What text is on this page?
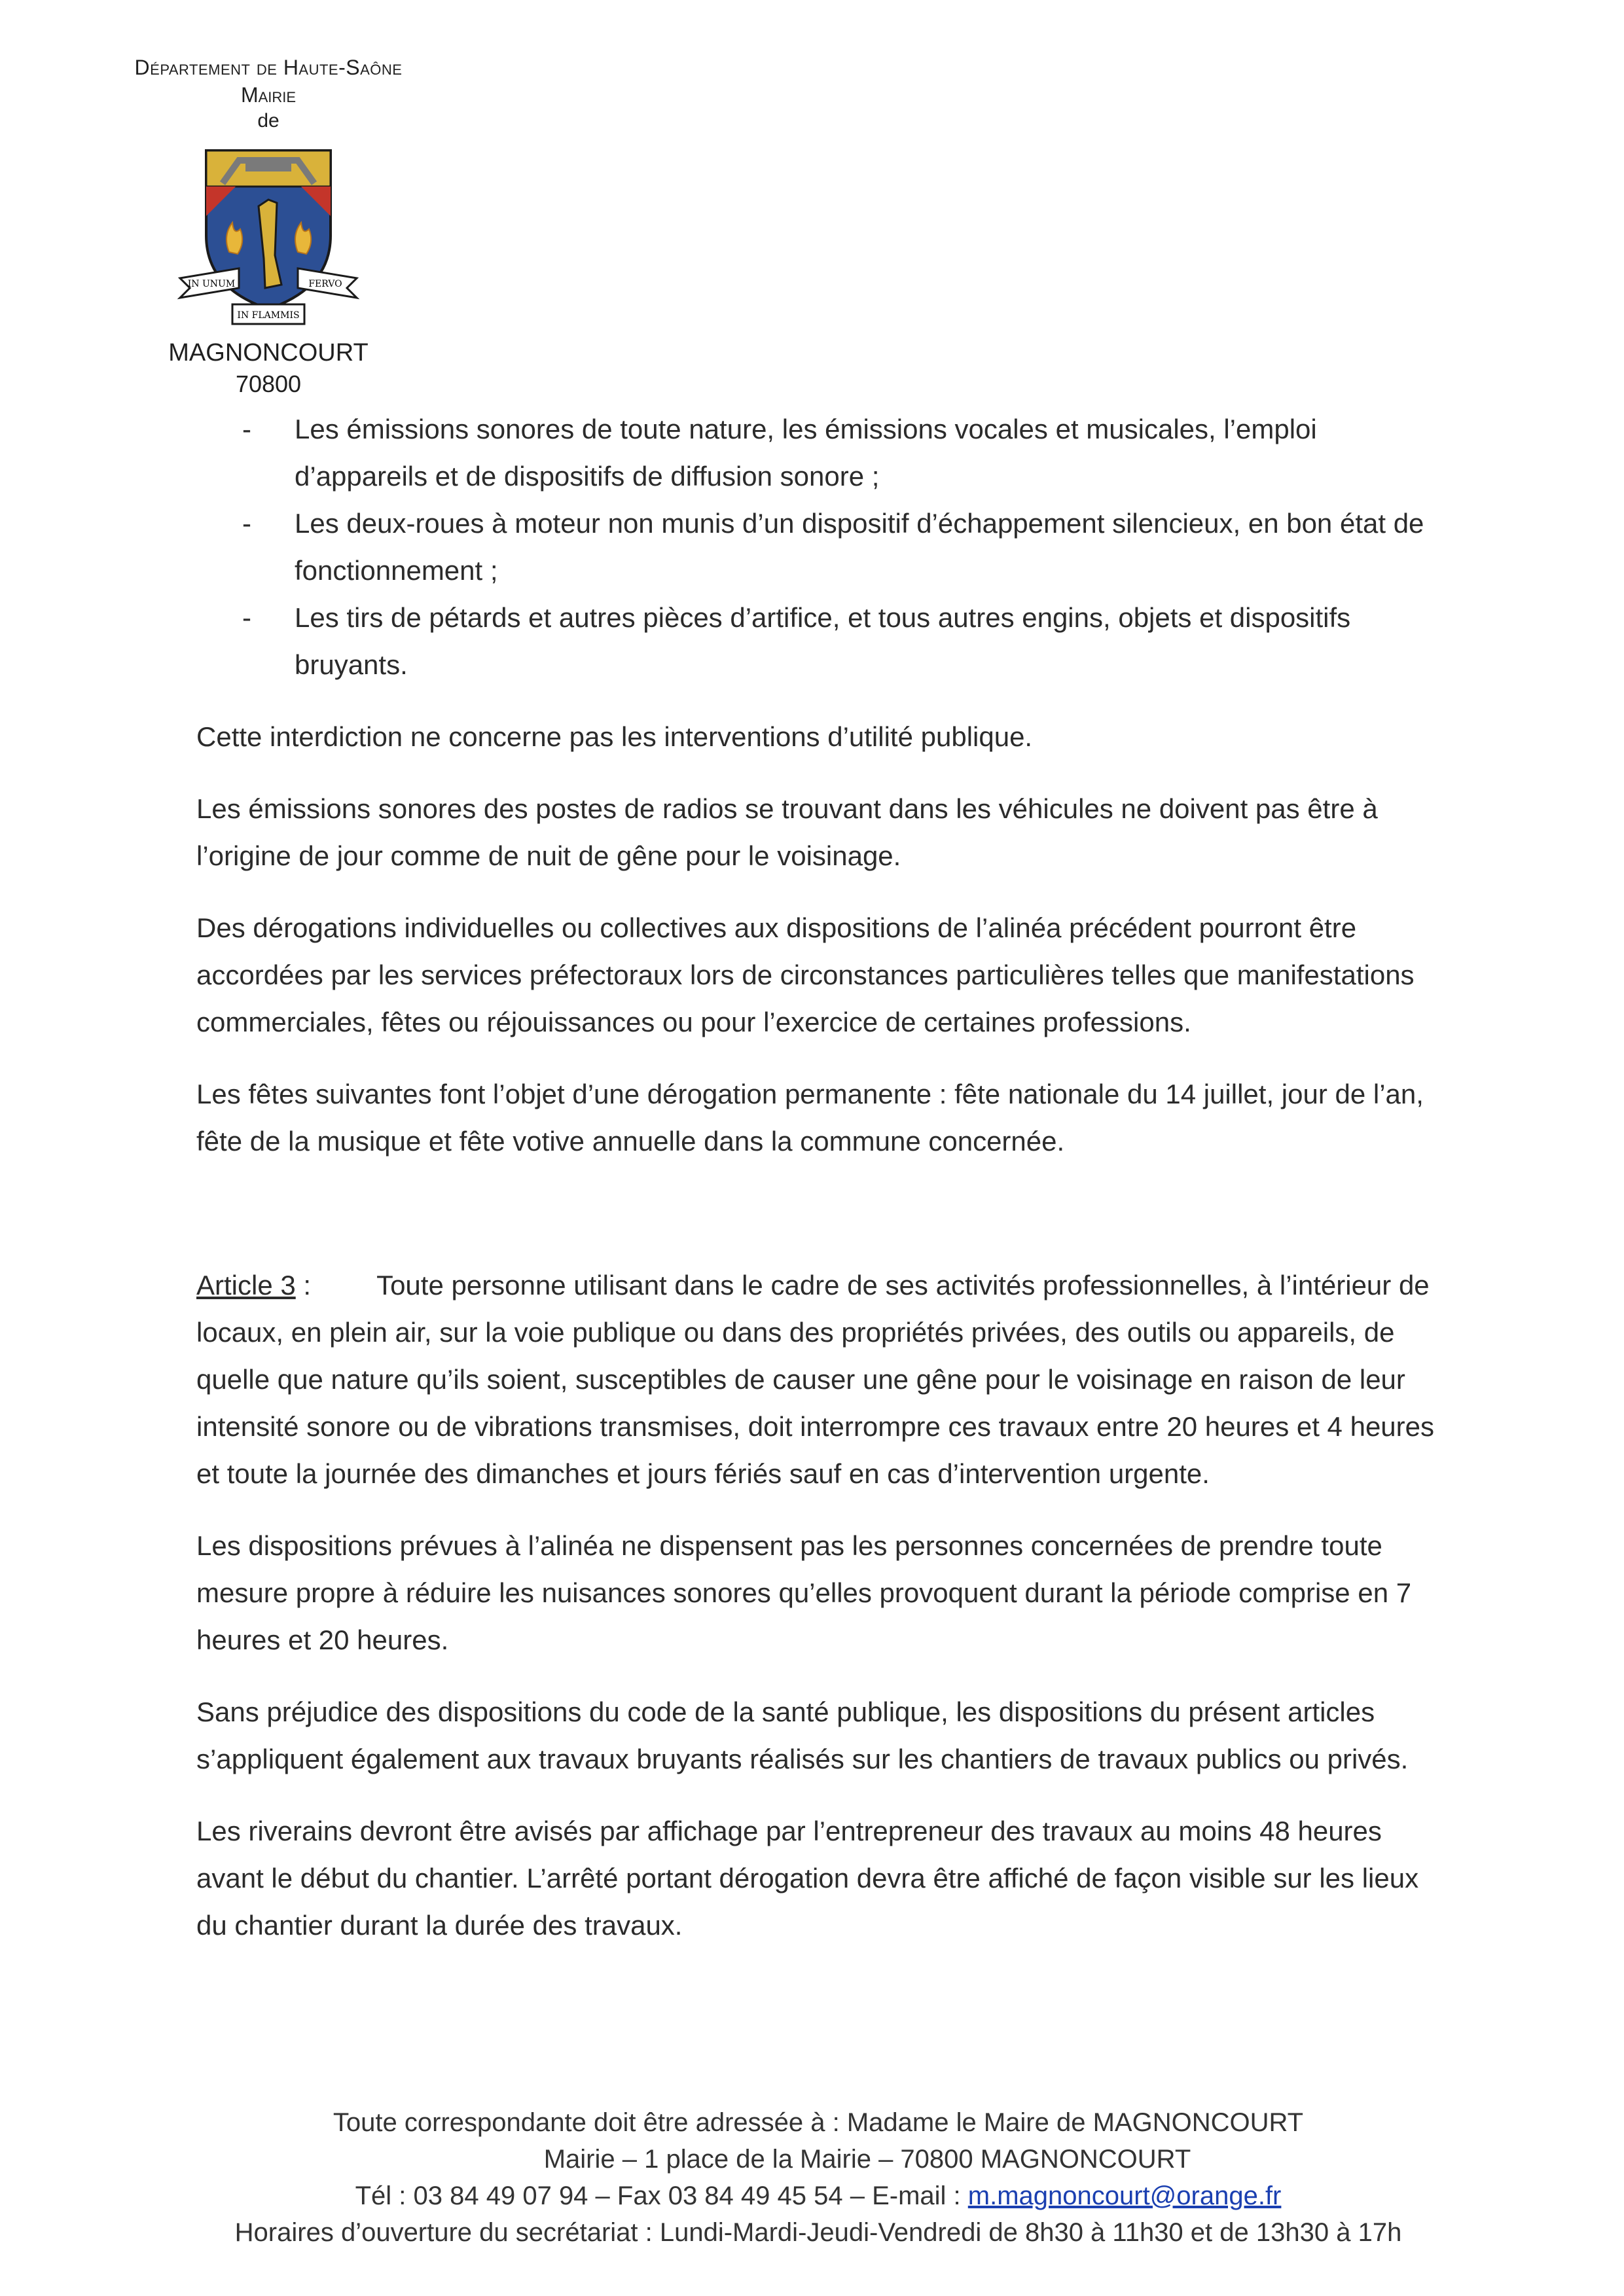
Département de Haute-Saône
Mairie
de
IN UNUM	FERVO
IN FLAMMIS
MAGNONCOURT
70800
- Les émissions sonores de toute nature, les émissions vocales et musicales, l’emploi d’appareils et de dispositifs de diffusion sonore ;
- Les deux-roues à moteur non munis d’un dispositif d’échappement silencieux, en bon état de fonctionnement ;
- Les tirs de pétards et autres pièces d’artifice, et tous autres engins, objets et dispositifs bruyants.

Cette interdiction ne concerne pas les interventions d’utilité publique.

Les émissions sonores des postes de radios se trouvant dans les véhicules ne doivent pas être à l’origine de jour comme de nuit de gêne pour le voisinage.

Des dérogations individuelles ou collectives aux dispositions de l’alinéa précédent pourront être accordées par les services préfectoraux lors de circonstances particulières telles que manifestations commerciales, fêtes ou réjouissances ou pour l’exercice de certaines professions.

Les fêtes suivantes font l’objet d’une dérogation permanente : fête nationale du 14 juillet, jour de l’an, fête de la musique et fête votive annuelle dans la commune concernée.

Article 3 : Toute personne utilisant dans le cadre de ses activités professionnelles, à l’intérieur de locaux, en plein air, sur la voie publique ou dans des propriétés privées, des outils ou appareils, de quelle que nature qu’ils soient, susceptibles de causer une gêne pour le voisinage en raison de leur intensité sonore ou de vibrations transmises, doit interrompre ces travaux entre 20 heures et 4 heures et toute la journée des dimanches et jours fériés sauf en cas d’intervention urgente.

Les dispositions prévues à l’alinéa ne dispensent pas les personnes concernées de prendre toute mesure propre à réduire les nuisances sonores qu’elles provoquent durant la période comprise en 7 heures et 20 heures.

Sans préjudice des dispositions du code de la santé publique, les dispositions du présent articles s’appliquent également aux travaux bruyants réalisés sur les chantiers de travaux publics ou privés.

Les riverains devront être avisés par affichage par l’entrepreneur des travaux au moins 48 heures avant le début du chantier. L’arrêté portant dérogation devra être affiché de façon visible sur les lieux du chantier durant la durée des travaux.

Toute correspondante doit être adressée à : Madame le Maire de MAGNONCOURT
Mairie – 1 place de la Mairie – 70800 MAGNONCOURT
Tél : 03 84 49 07 94 – Fax 03 84 49 45 54 – E-mail : m.magnoncourt@orange.fr
Horaires d’ouverture du secrétariat : Lundi-Mardi-Jeudi-Vendredi de 8h30 à 11h30 et de 13h30 à 17h
